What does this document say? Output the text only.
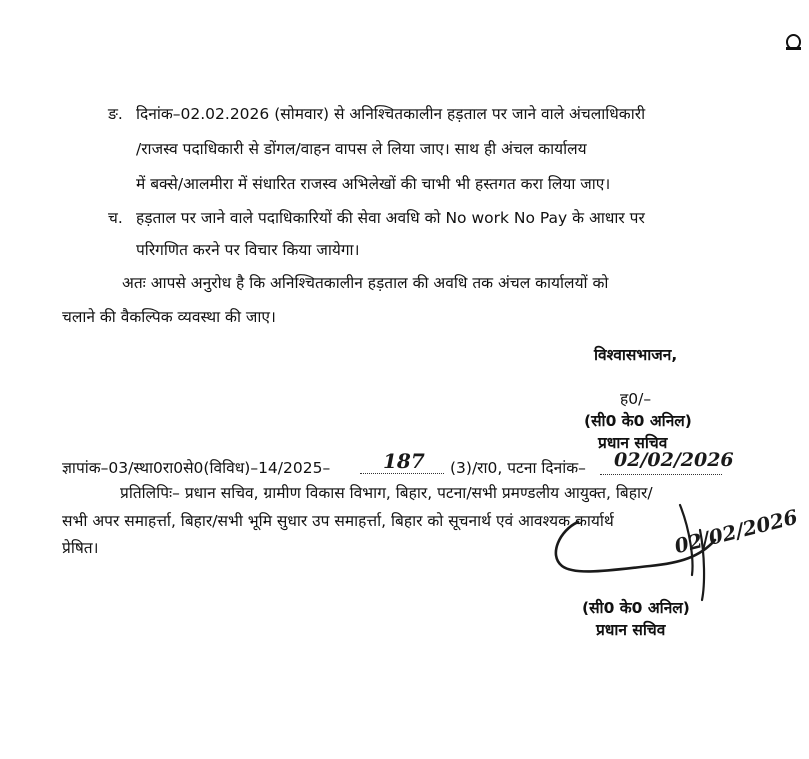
ङ. दिनांक–02.02.2026 (सोमवार) से अनिश्चितकालीन हड़ताल पर जाने वाले अंचलाधिकारी
/राजस्व पदाधिकारी से डोंगल/वाहन वापस ले लिया जाए। साथ ही अंचल कार्यालय
में बक्से/आलमीरा में संधारित राजस्व अभिलेखों की चाभी भी हस्तगत करा लिया जाए।
च. हड़ताल पर जाने वाले पदाधिकारियों की सेवा अवधि को No work No Pay के आधार पर
परिगणित करने पर विचार किया जायेगा।
अतः आपसे अनुरोध है कि अनिश्चितकालीन हड़ताल की अवधि तक अंचल कार्यालयों को
चलाने की वैकल्पिक व्यवस्था की जाए।
विश्वासभाजन,
ह0/–
(सी0 के0 अनिल)
प्रधान सचिव
ज्ञापांक–03/स्था0रा0से0(विविध)–14/2025–	187 (3)/रा0, पटना दिनांक– 02/02/2026
प्रतिलिपिः– प्रधान सचिव, ग्रामीण विकास विभाग, बिहार, पटना/सभी प्रमण्डलीय आयुक्त, बिहार/
सभी अपर समाहर्त्ता, बिहार/सभी भूमि सुधार उप समाहर्त्ता, बिहार को सूचनार्थ एवं आवश्यक कार्यार्थ
प्रेषित।	02/02/2026
(सी0 के0 अनिल)
प्रधान सचिव
